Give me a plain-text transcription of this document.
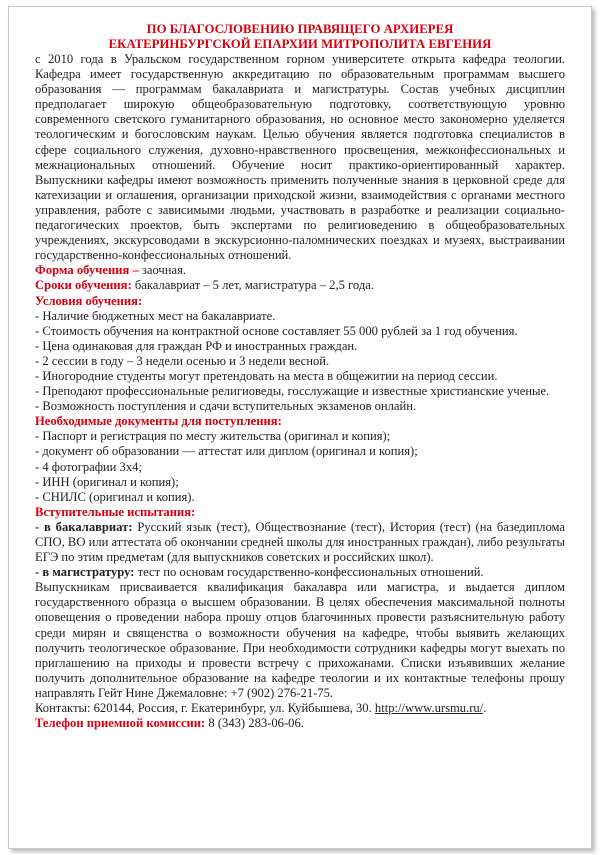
ПО БЛАГОСЛОВЕНИЮ ПРАВЯЩЕГО АРХИЕРЕЯ
ЕКАТЕРИНБУРГСКОЙ ЕПАРХИИ МИТРОПОЛИТА ЕВГЕНИЯ

с 2010 года в Уральском государственном горном университете открыта кафедра теологии. Кафедра имеет государственную аккредитацию по образовательным программам высшего образования — программам бакалавриата и магистратуры. Состав учебных дисциплин предполагает широкую общеобразовательную подготовку, соответствующую уровню современного светского гуманитарного образования, но основное место закономерно уделяется теологическим и богословским наукам. Целью обучения является подготовка специалистов в сфере социального служения, духовно-нравственного просвещения, межконфессиональных и межнациональных отношений. Обучение носит практико-ориентированный характер. Выпускники кафедры имеют возможность применить полученные знания в церковной среде для катехизации и оглашения, организации приходской жизни, взаимодействия с органами местного управления, работе с зависимыми людьми, участвовать в разработке и реализации социально-педагогических проектов, быть экспертами по религиоведению в общеобразовательных учреждениях, экскурсоводами в экскурсионно-паломнических поездках и музеях, выстраивании государственно-конфессиональных отношений.

Форма обучения – заочная.

Сроки обучения: бакалавриат – 5 лет, магистратура – 2,5 года.

Условия обучения:

- Наличие бюджетных мест на бакалавриате.

- Стоимость обучения на контрактной основе составляет 55 000 рублей за 1 год обучения.

- Цена одинаковая для граждан РФ и иностранных граждан.

- 2 сессии в году – 3 недели осенью и 3 недели весной.

- Иногородние студенты могут претендовать на места в общежитии на период сессии.

- Преподают профессиональные религиоведы, госслужащие и известные христианские ученые.

- Возможность поступления и сдачи вступительных экзаменов онлайн.

Необходимые документы для поступления:

- Паспорт и регистрация по месту жительства (оригинал и копия);

- документ об образовании — аттестат или диплом (оригинал и копия);

- 4 фотографии 3х4;

- ИНН (оригинал и копия);

- СНИЛС (оригинал и копия).

Вступительные испытания:

- в бакалавриат: Русский язык (тест), Обществознание (тест), История (тест) (на базедиплома СПО, ВО или аттестата об окончании средней школы для иностранных граждан), либо результаты ЕГЭ по этим предметам (для выпускников советских и российских школ).

- в магистратуру: тест по основам государственно-конфессиональных отношений.

Выпускникам присваивается квалификация бакалавра или магистра, и выдается диплом государственного образца о высшем образовании. В целях обеспечения максимальной полноты оповещения о проведении набора прошу отцов благочинных провести разъяснительную работу среди мирян и священства о возможности обучения на кафедре, чтобы выявить желающих получить теологическое образование. При необходимости сотрудники кафедры могут выехать по приглашению на приходы и провести встречу с прихожанами. Списки изъявивших желание получить дополнительное образование на кафедре теологии и их контактные телефоны прошу направлять Гейт Нине Джемаловне: +7 (902) 276-21-75.

Контакты: 620144, Россия, г. Екатеринбург, ул. Куйбышева, 30. http://www.ursmu.ru/.

Телефон приемной комиссии: 8 (343) 283-06-06.
